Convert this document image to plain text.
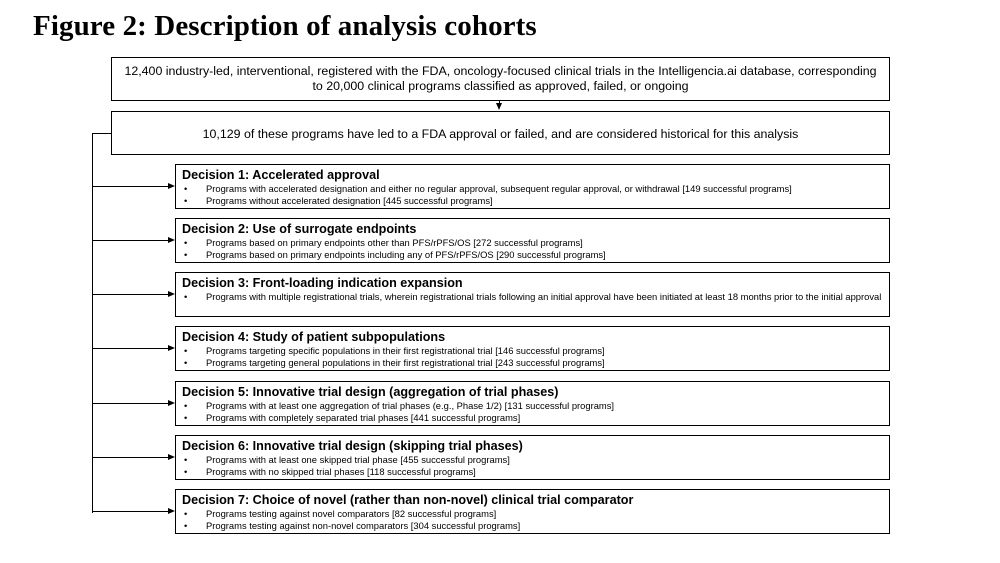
Figure 2: Description of analysis cohorts
12,400 industry-led, interventional, registered with the FDA, oncology-focused clinical trials in the Intelligencia.ai database, corresponding to 20,000 clinical programs classified as approved, failed, or ongoing
10,129 of these programs have led to a FDA approval or failed, and are considered historical for this analysis
Decision 1: Accelerated approval
• Programs with accelerated designation and either no regular approval, subsequent regular approval, or withdrawal [149 successful programs]
• Programs without accelerated designation [445 successful programs]
Decision 2: Use of surrogate endpoints
• Programs based on primary endpoints other than PFS/rPFS/OS [272 successful programs]
• Programs based on primary endpoints including any of PFS/rPFS/OS [290 successful programs]
Decision 3: Front-loading indication expansion
• Programs with multiple registrational trials, wherein registrational trials following an initial approval have been initiated at least 18 months prior to the initial approval
Decision 4: Study of patient subpopulations
• Programs targeting specific populations in their first registrational trial [146 successful programs]
• Programs targeting general populations in their first registrational trial [243 successful programs]
Decision 5: Innovative trial design (aggregation of trial phases)
• Programs with at least one aggregation of trial phases (e.g., Phase 1/2) [131 successful programs]
• Programs with completely separated trial phases [441 successful programs]
Decision 6: Innovative trial design (skipping trial phases)
• Programs with at least one skipped trial phase [455 successful programs]
• Programs with no skipped trial phases [118 successful programs]
Decision 7: Choice of novel (rather than non-novel) clinical trial comparator
• Programs testing against novel comparators [82 successful programs]
• Programs testing against non-novel comparators [304 successful programs]
